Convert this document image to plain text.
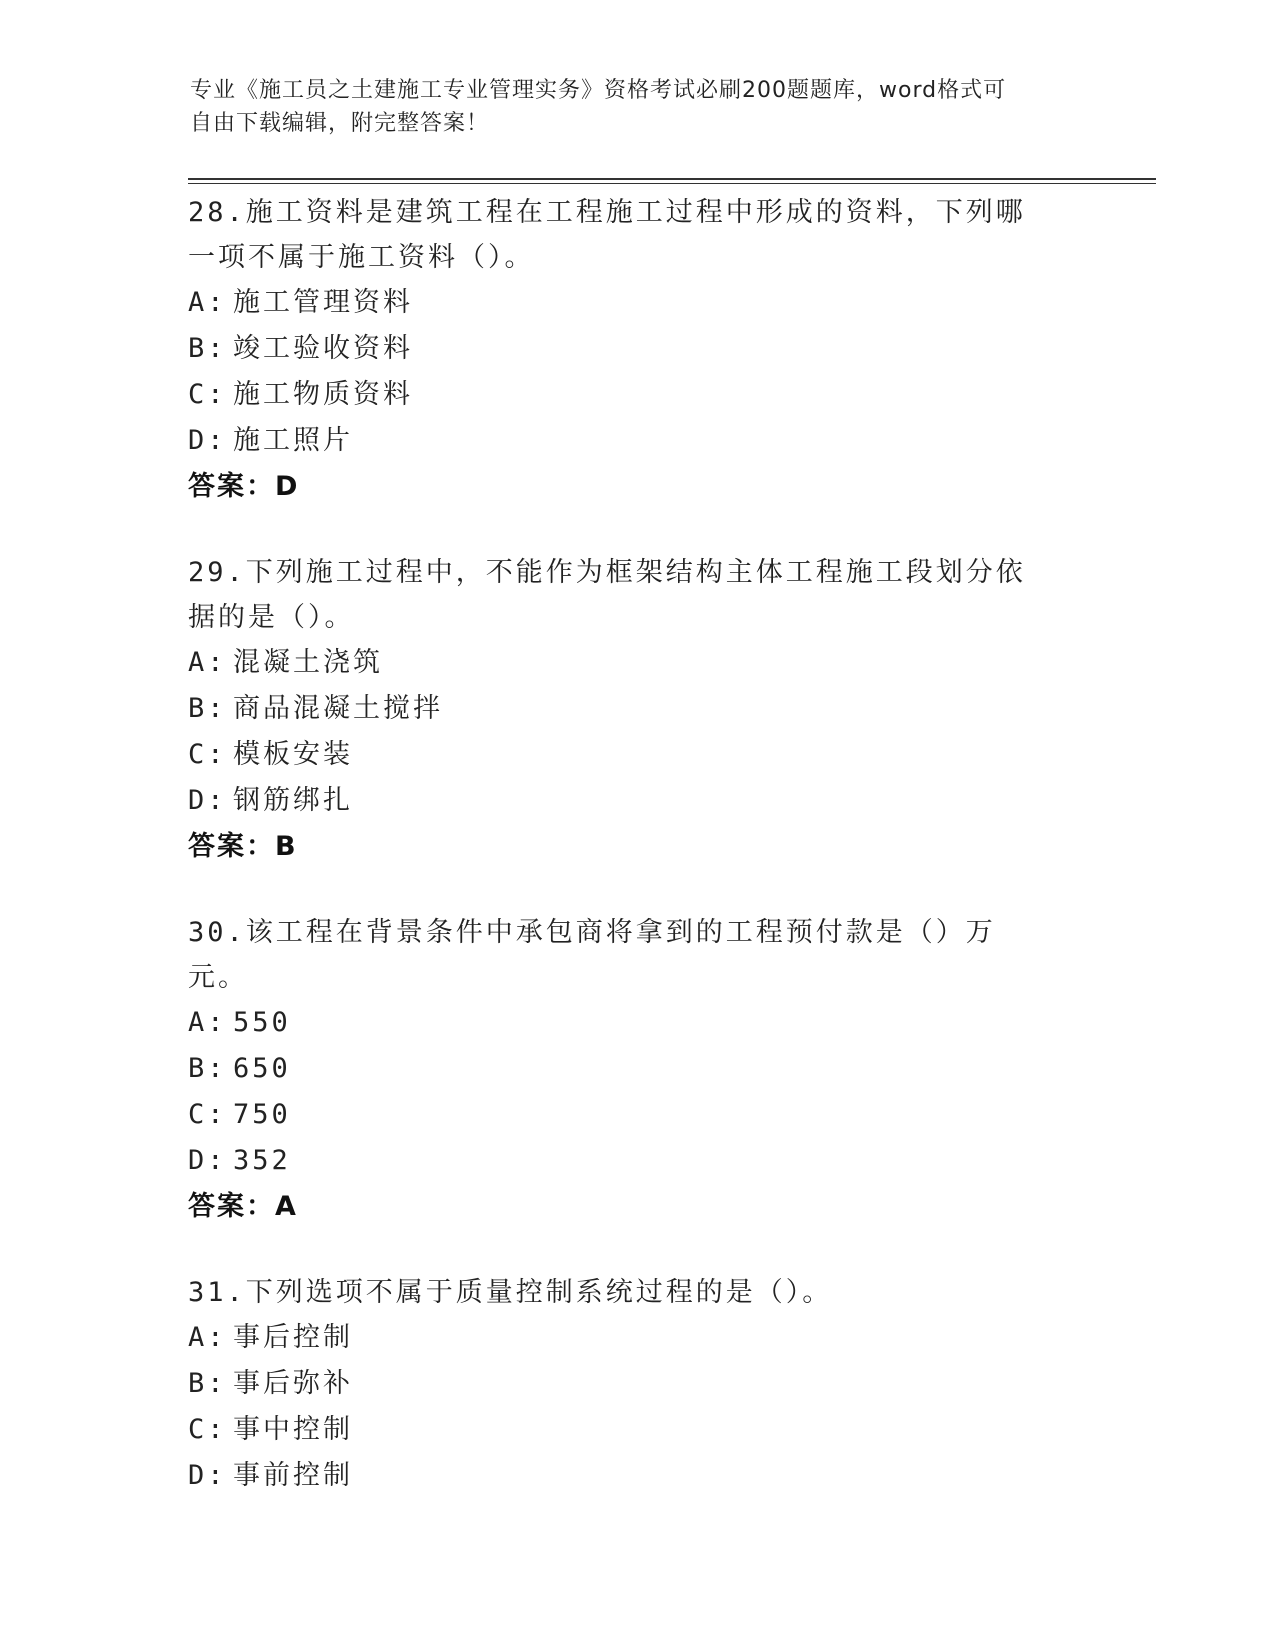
专业《施工员之土建施工专业管理实务》资格考试必刷200题题库，word格式可
自由下载编辑，附完整答案！
28.施工资料是建筑工程在工程施工过程中形成的资料，下列哪一项不属于施工资料（）。
A: 施工管理资料
B: 竣工验收资料
C: 施工物质资料
D: 施工照片
答案：D
29.下列施工过程中，不能作为框架结构主体工程施工段划分依据的是（）。
A: 混凝土浇筑
B: 商品混凝土搅拌
C: 模板安装
D: 钢筋绑扎
答案：B
30.该工程在背景条件中承包商将拿到的工程预付款是（）万元。
A: 550
B: 650
C: 750
D: 352
答案：A
31.下列选项不属于质量控制系统过程的是（）。
A: 事后控制
B: 事后弥补
C: 事中控制
D: 事前控制
